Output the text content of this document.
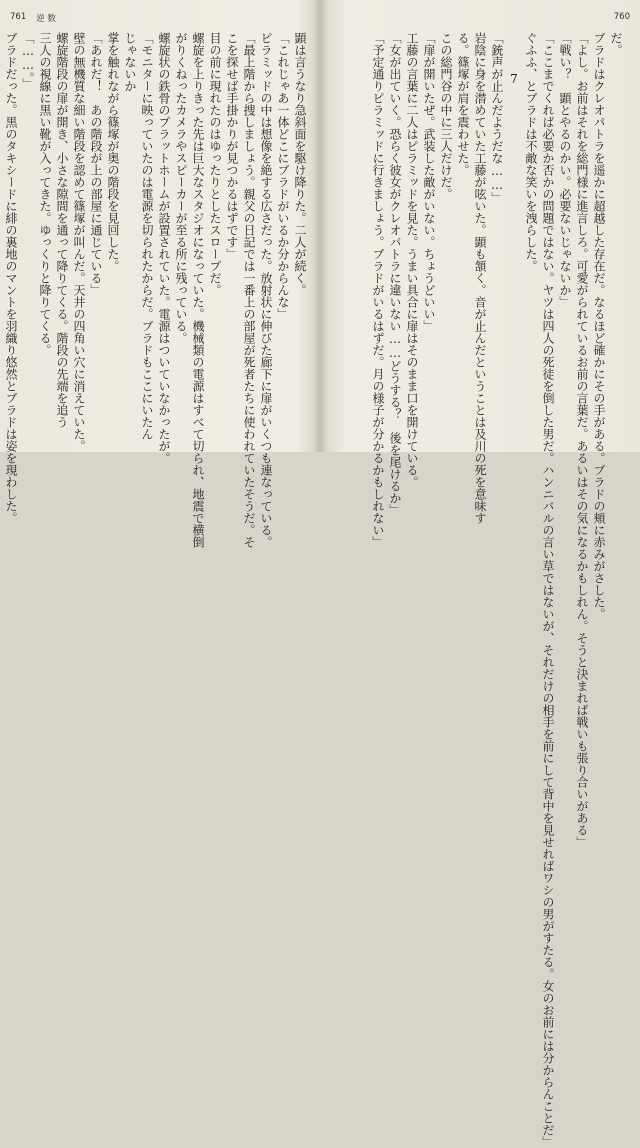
761 逆 数
顕は言うなり急斜面を駆け降りた。二人が続く。
「これじゃあ一体どこにブラドがいるか分からんな」
ピラミッドの中は想像を絶する広さだった。放射状に伸びた廊下に扉がいくつも連なっている。
「最上階から捜しましょう。親父の日記では一番上の部屋が死者たちに使われていたそうだ。そ
こを探せば手掛かりが見つかるはずです」
目の前に現れたのはゆったりとしたスロープだ。
螺旋を上りきった先は巨大なスタジオになっていた。機械類の電源はすべて切られ、地震で横倒
がりくねったカメラやスピーカーが至る所に残っている。
螺旋状の鉄骨のプラットホームが設置されていた。電源はついていなかったが。
「モニターに映っていたのは電源を切られたからだ。ブラドもここにいたん
じゃないか
掌を触れながら篠塚が奥の階段を見回した。
「あれだ！　あの階段が上の部屋に通じている」
壁の無機質な細い階段を認めて篠塚が叫んだ。天井の四角い穴に消えていた。
螺旋階段の扉が開き、小さな隙間を通って降りてくる。階段の先端を追う
三人の視線に黒い靴が入ってきた。ゆっくりと降りてくる。
「……。」
ブラドだった。黒のタキシードに緋の裏地のマントを羽織り悠然とブラドは姿を現わした。
760
だ。
ブラドはクレオパトラを遥かに超越した存在だ。なるほど確かにその手がある。ブラドの頬に赤みがさした。
「よし。お前はそれを総門様に進言しろ。可愛がられているお前の言葉だ。あるいはその気になるかもしれん。そうと決まれば戦いも張り合いがある」
「戦い？　顕とやるのかい。必要ないじゃないか」
「ここまでくれば必要か否かの問題ではない。ヤツは四人の死徒を倒した男だ。ハンニバルの言い草ではないが、それだけの相手を前にして背中を見せればワシの男がすたる。女のお前には分からんことだ」
ぐふふ、とブラドは不敵な笑いを洩らした。
7
「銃声が止んだようだな……」
岩陰に身を潜めていた工藤が呟いた。顕も頷く。音が止んだということは及川の死を意味す
る。篠塚が肩を震わせた。
この総門谷の中に三人だけだ。
「扉が開いたぜ。武装した敵がいない。ちょうどいい」
工藤の言葉に二人はピラミッドを見た。うまい具合に扉はそのまま口を開けている。
「女が出ていく。恐らく彼女がクレオパトラに違いない……どうする？　後を尾けるか」
「予定通りピラミッドに行きましょう。ブラドがいるはずだ。月の様子が分かるかもしれない」
